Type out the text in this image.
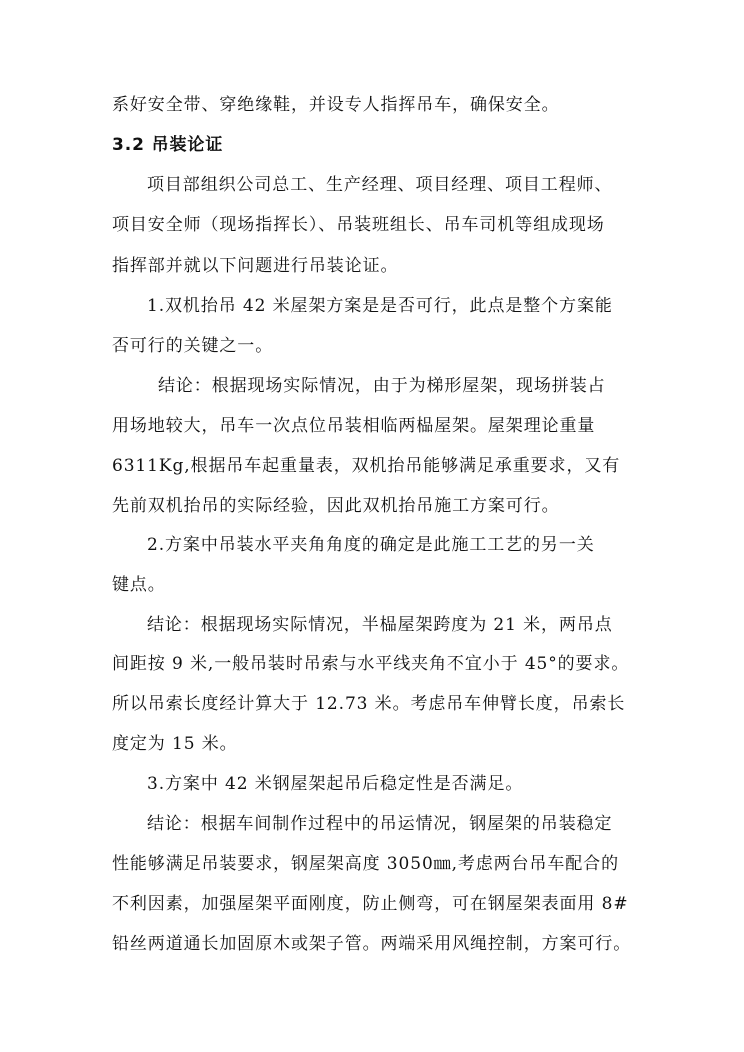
系好安全带、穿绝缘鞋，并设专人指挥吊车，确保安全。
3.2 吊装论证
项目部组织公司总工、生产经理、项目经理、项目工程师、
项目安全师（现场指挥长）、吊装班组长、吊车司机等组成现场
指挥部并就以下问题进行吊装论证。
1.双机抬吊 42 米屋架方案是是否可行，此点是整个方案能
否可行的关键之一。
结论：根据现场实际情况，由于为梯形屋架，现场拼装占
用场地较大，吊车一次点位吊装相临两榀屋架。屋架理论重量
6311Kg,根据吊车起重量表，双机抬吊能够满足承重要求，又有
先前双机抬吊的实际经验，因此双机抬吊施工方案可行。
2.方案中吊装水平夹角角度的确定是此施工工艺的另一关
键点。
结论：根据现场实际情况，半榀屋架跨度为 21 米，两吊点
间距按 9 米,一般吊装时吊索与水平线夹角不宜小于 45°的要求。
所以吊索长度经计算大于 12.73 米。考虑吊车伸臂长度，吊索长
度定为 15 米。
3.方案中 42 米钢屋架起吊后稳定性是否满足。
结论：根据车间制作过程中的吊运情况，钢屋架的吊装稳定
性能够满足吊装要求，钢屋架高度 3050㎜,考虑两台吊车配合的
不利因素，加强屋架平面刚度，防止侧弯，可在钢屋架表面用 8#
铅丝两道通长加固原木或架子管。两端采用风绳控制，方案可行。
